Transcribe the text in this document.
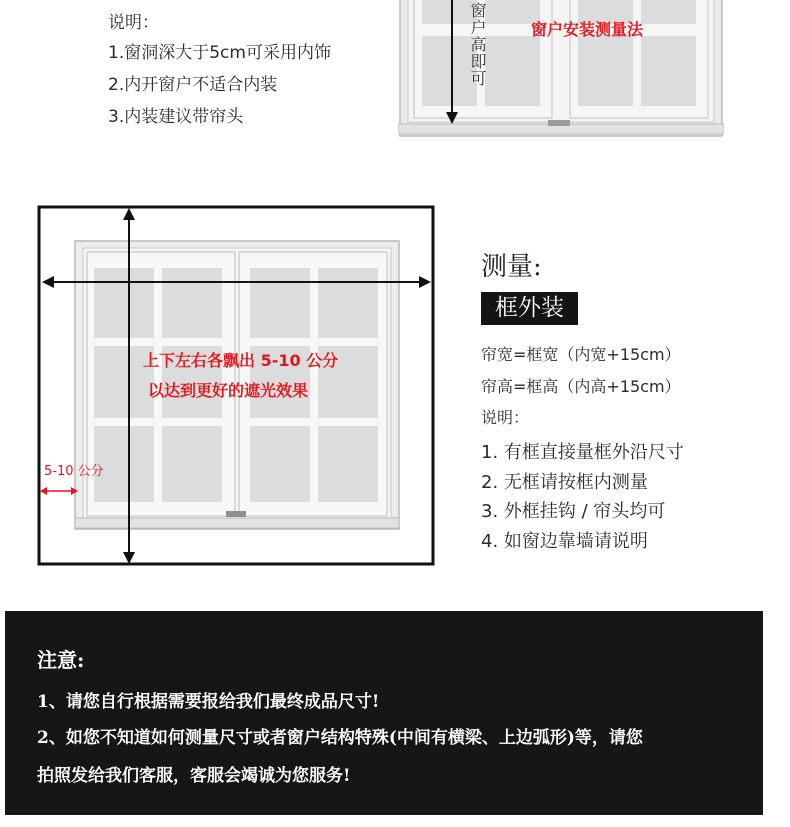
说明：
1.窗洞深大于5cm可采用内饰
2.内开窗户不适合内装
3.内装建议带帘头
窗户高即可	窗户安装测量法
上下左右各飘出 5-10 公分
以达到更好的遮光效果
5-10 公分
测量:
框外装
帘宽=框宽（内宽+15cm）
帘高=框高（内高+15cm）
说明：
1. 有框直接量框外沿尺寸
2. 无框请按框内测量
3. 外框挂钩 / 帘头均可
4. 如窗边靠墙请说明
注意:
1、请您自行根据需要报给我们最终成品尺寸!
2、如您不知道如何测量尺寸或者窗户结构特殊(中间有横梁、上边弧形)等，请您
拍照发给我们客服，客服会竭诚为您服务!
